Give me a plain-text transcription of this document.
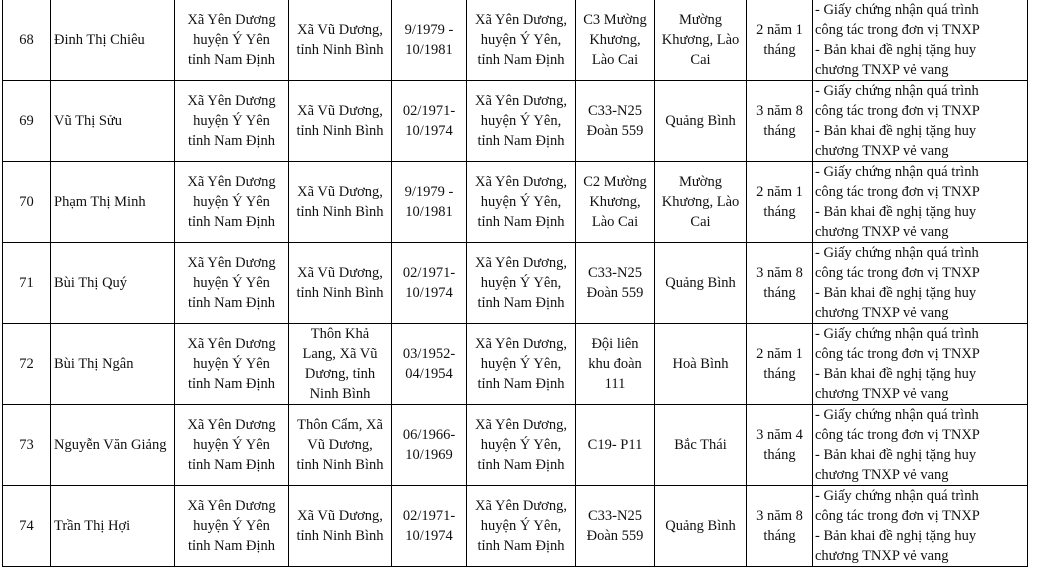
68	Đinh Thị Chiêu	Xã Yên Dương
huyện Ý Yên
tỉnh Nam Định	Xã Vũ Dương,
tỉnh Ninh Bình	9/1979 -
10/1981	Xã Yên Dương,
huyện Ý Yên,
tỉnh Nam Định	C3 Mường
Khương,
Lào Cai	Mường
Khương, Lào
Cai	2 năm 1
tháng	- Giấy chứng nhận quá trình
công tác trong đơn vị TNXP
- Bản khai đề nghị tặng huy
chương TNXP vẻ vang

69	Vũ Thị Sửu	Xã Yên Dương
huyện Ý Yên
tỉnh Nam Định	Xã Vũ Dương,
tỉnh Ninh Bình	02/1971-
10/1974	Xã Yên Dương,
huyện Ý Yên,
tỉnh Nam Định	C33-N25
Đoàn 559	Quảng Bình	3 năm 8
tháng	- Giấy chứng nhận quá trình
công tác trong đơn vị TNXP
- Bản khai đề nghị tặng huy
chương TNXP vẻ vang

70	Phạm Thị Minh	Xã Yên Dương
huyện Ý Yên
tỉnh Nam Định	Xã Vũ Dương,
tỉnh Ninh Bình	9/1979 -
10/1981	Xã Yên Dương,
huyện Ý Yên,
tỉnh Nam Định	C2 Mường
Khương,
Lào Cai	Mường
Khương, Lào
Cai	2 năm 1
tháng	- Giấy chứng nhận quá trình
công tác trong đơn vị TNXP
- Bản khai đề nghị tặng huy
chương TNXP vẻ vang

71	Bùi Thị Quý	Xã Yên Dương
huyện Ý Yên
tỉnh Nam Định	Xã Vũ Dương,
tỉnh Ninh Bình	02/1971-
10/1974	Xã Yên Dương,
huyện Ý Yên,
tỉnh Nam Định	C33-N25
Đoàn 559	Quảng Bình	3 năm 8
tháng	- Giấy chứng nhận quá trình
công tác trong đơn vị TNXP
- Bản khai đề nghị tặng huy
chương TNXP vẻ vang

72	Bùi Thị Ngân	Xã Yên Dương
huyện Ý Yên
tỉnh Nam Định	Thôn Khả
Lang, Xã Vũ
Dương, tỉnh
Ninh Bình	03/1952-
04/1954	Xã Yên Dương,
huyện Ý Yên,
tỉnh Nam Định	Đội liên
khu đoàn
111	Hoà Bình	2 năm 1
tháng	- Giấy chứng nhận quá trình
công tác trong đơn vị TNXP
- Bản khai đề nghị tặng huy
chương TNXP vẻ vang

73	Nguyễn Văn Giảng	Xã Yên Dương
huyện Ý Yên
tỉnh Nam Định	Thôn Cẩm, Xã
Vũ Dương,
tỉnh Ninh Bình	06/1966-
10/1969	Xã Yên Dương,
huyện Ý Yên,
tỉnh Nam Định	C19- P11	Bắc Thái	3 năm 4
tháng	- Giấy chứng nhận quá trình
công tác trong đơn vị TNXP
- Bản khai đề nghị tặng huy
chương TNXP vẻ vang

74	Trần Thị Hợi	Xã Yên Dương
huyện Ý Yên
tỉnh Nam Định	Xã Vũ Dương,
tỉnh Ninh Bình	02/1971-
10/1974	Xã Yên Dương,
huyện Ý Yên,
tỉnh Nam Định	C33-N25
Đoàn 559	Quảng Bình	3 năm 8
tháng	- Giấy chứng nhận quá trình
công tác trong đơn vị TNXP
- Bản khai đề nghị tặng huy
chương TNXP vẻ vang
